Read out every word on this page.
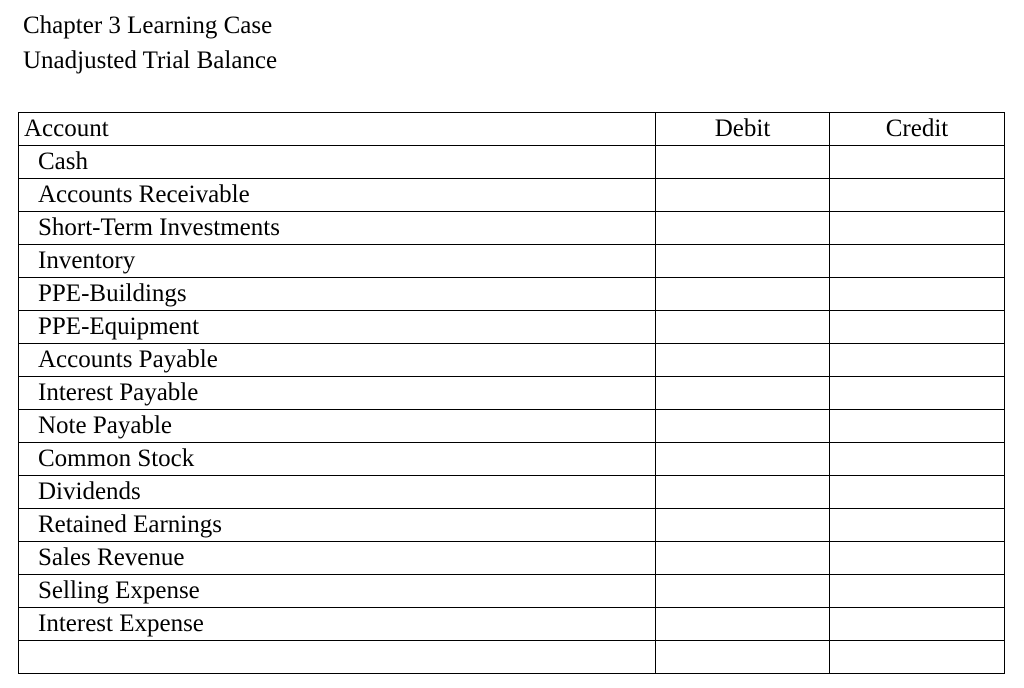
Chapter 3 Learning Case
Unadjusted Trial Balance
Account	Debit	Credit
Cash		
Accounts Receivable		
Short-Term Investments		
Inventory		
PPE-Buildings		
PPE-Equipment		
Accounts Payable		
Interest Payable		
Note Payable		
Common Stock		
Dividends		
Retained Earnings		
Sales Revenue		
Selling Expense		
Interest Expense		
